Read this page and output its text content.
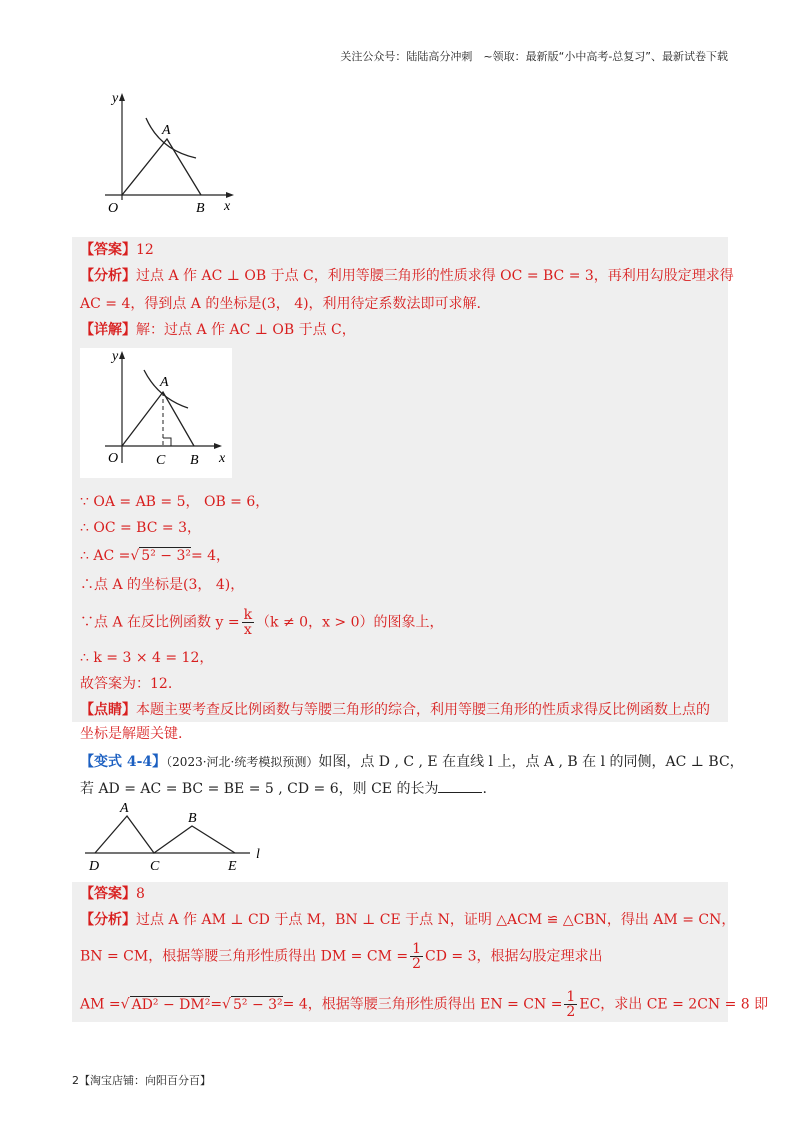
关注公众号：陆陆高分冲刺　~领取：最新版“小中高考-总复习”、最新试卷下载
y
x
O
A
B
【答案】12
【分析】过点 A 作 AC ⊥ OB 于点 C，利用等腰三角形的性质求得 OC = BC = 3，再利用勾股定理求得
AC = 4，得到点 A 的坐标是(3， 4)，利用待定系数法即可求解.
【详解】解：过点 A 作 AC ⊥ OB 于点 C，
y
x
O
A
C B
∵ OA = AB = 5， OB = 6，
∴ OC = BC = 3，
∴ AC =√ 5² − 3²= 4，
∴点 A 的坐标是(3， 4)，
∵点 A 在反比例函数 $y = \frac{k}{x} (k \ne 0$，x > 0）的图象上，
∴ k = 3 × 4 = 12，
故答案为：12.
【点睛】本题主要考查反比例函数与等腰三角形的综合，利用等腰三角形的性质求得反比例函数上点的
坐标是解题关键.
【变式 4-4】（2023·河北·统考模拟预测）如图，点 D , C , E 在直线 l 上，点 A , B 在 l 的同侧，AC ⊥ BC，
若 AD = AC = BC = BE = 5 , CD = 6，则 CE 的长为	.
A
B
D	C	E
l
【答案】8
【分析】过点 A 作 AM ⊥ CD 于点 M，BN ⊥ CE 于点 N，证明 △ACM ≌ △CBN，得出 AM = CN，
BN = CM，根据等腰三角形性质得出 DM = CM = $\frac{1}{2}$ CD = 3，根据勾股定理求出
AM =√ AD² − DM²=√ 5² − 3²= 4，根据等腰三角形性质得出 EN = CN = $\frac{1}{2}$ EC，求出 CE = 2CN = 8 即
2【淘宝店铺：向阳百分百】
